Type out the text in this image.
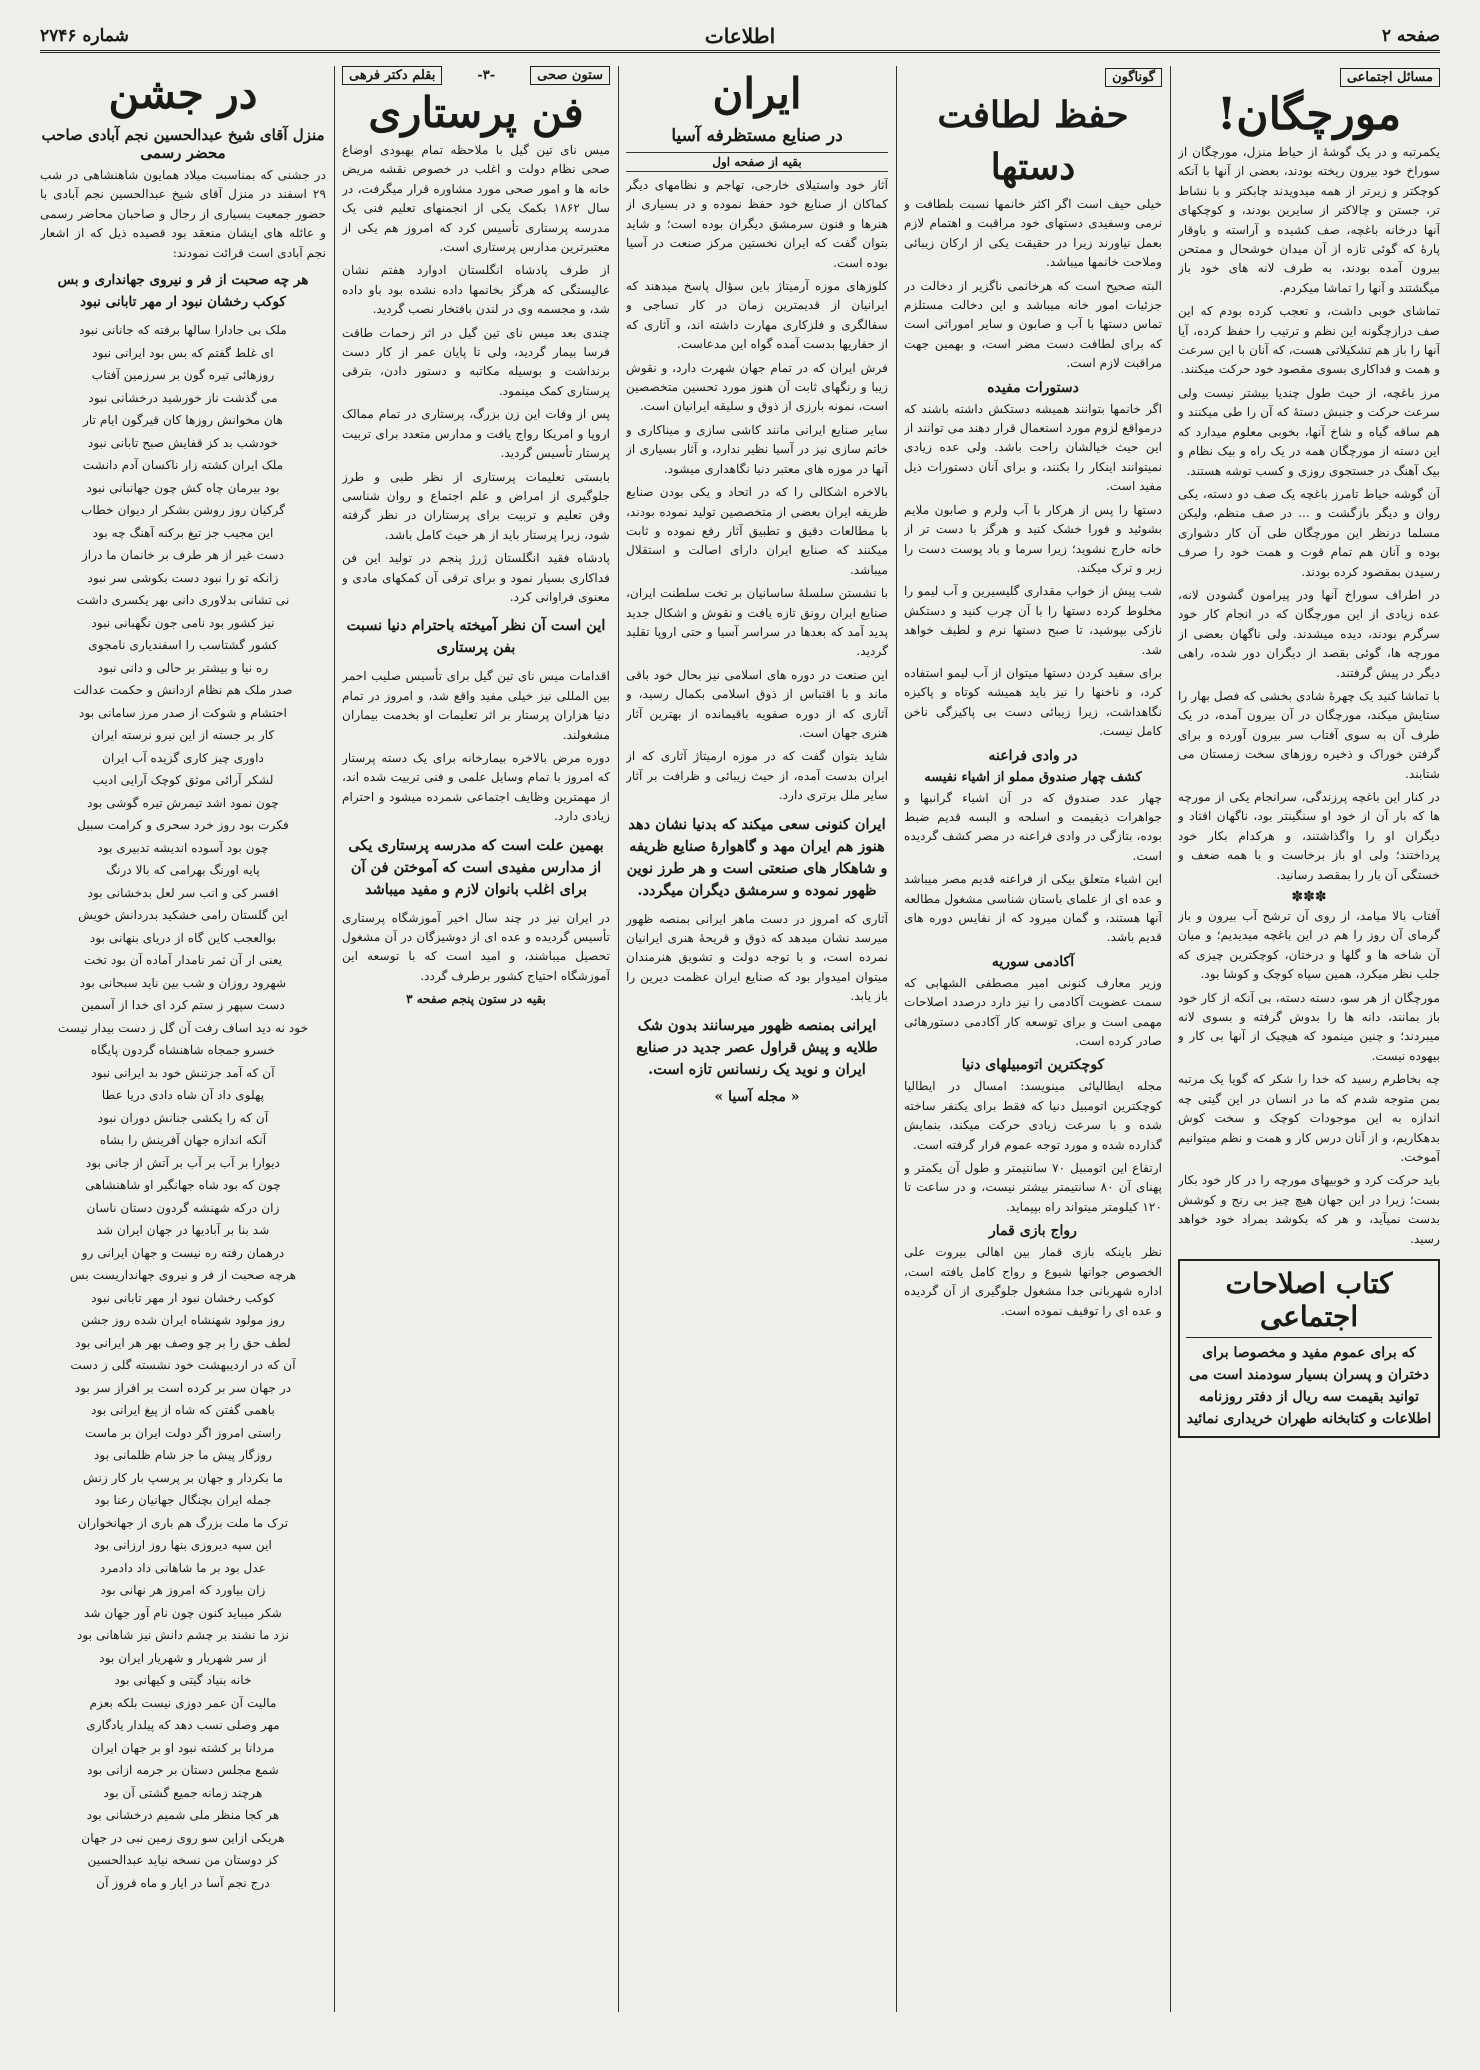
شماره ۲۷۴۶	اطلاعات	صفحه ۲
مسائل اجتماعی
مورچگان!

یکمرتبه و در یک گوشهٔ از حیاط منزل، مورچگان از سوراخ خود بیرون ریخته بودند، بعضی از آنها با آنکه کوچکتر و زیرتر از همه میدویدند چابکتر و با نشاط تر، جستن و چالاکتر از سایرین بودند، و کوچکهای آنها درخانه باغچه، صف کشیده و آراسته و باوقار پارهٔ که گوئی تازه از آن میدان خوشحال و ممتحن بیرون آمده بودند، به طرف لانه های خود باز میگشتند و آنها را تماشا میکردم.

تماشای خوبی داشت، و تعجب کرده بودم که این صف درازچگونه این نظم و ترتیب را حفظ کرده، آیا آنها را باز هم تشکیلاتی هست، که آنان با این سرعت و همت و فداکاری بسوی مقصود خود حرکت میکنند.

مرز باغچه، از حیث طول چندیا بیشتر نیست ولی سرعت حرکت و جنبش دستهٔ که آن را طی میکنند و هم ساقه گیاه و شاخ آنها، بخوبی معلوم میدارد که این دسته از مورچگان همه در یک راه و بیک نظام و بیک آهنگ در جستجوی روزی و کسب توشه هستند.

آن گوشه حیاط تامرز باغچه یک صف دو دسته، یکی روان و دیگر بازگشت و ... در صف منظم، ولیکن مسلما درنظر این مورچگان طی آن کار دشواری بوده و آنان هم تمام قوت و همت خود را صرف رسیدن بمقصود کرده بودند.

در اطراف سوراخ آنها ودر پیرامون گشودن لانه، عده زیادی از این مورچگان که در انجام کار خود سرگرم بودند، دیده میشدند. ولی ناگهان بعضی از مورچه ها، گوئی بقصد از دیگران دور شده، راهی دیگر در پیش گرفتند.

با تماشا کنید یک چهرهٔ شادی بخشی که فصل بهار را ستایش میکند، مورچگان در آن بیرون آمده، در یک طرف آن به سوی آفتاب سر بیرون آورده و برای گرفتن خوراک و ذخیره روزهای سخت زمستان می شتابند.

در کنار این باغچه پرزندگی، سرانجام یکی از مورچه ها که بار آن از خود او سنگینتر بود، ناگهان افتاد و دیگران او را واگذاشتند، و هرکدام بکار خود پرداختند؛ ولی او باز برخاست و با همه ضعف و خستگی آن بار را بمقصد رسانید.

✽✽✽

آفتاب بالا میامد، از روی آن ترشح آب بیرون و باز گرمای آن روز را هم در این باغچه میدیدیم؛ و میان آن شاخه ها و گلها و درختان، کوچکترین چیزی که جلب نظر میکرد، همین سپاه کوچک و کوشا بود.

مورچگان از هر سو، دسته دسته، بی آنکه از کار خود باز بمانند، دانه ها را بدوش گرفته و بسوی لانه میبردند؛ و چنین مینمود که هیچیک از آنها بی کار و بیهوده نیست.

چه بخاطرم رسید که خدا را شکر که گویا یک مرتبه بمن متوجه شدم که ما در انسان در این گیتی چه اندازه به این موجودات کوچک و سخت کوش بدهکاریم، و از آنان درس کار و همت و نظم میتوانیم آموخت.

باید حرکت کرد و خوبیهای مورچه را در کار خود بکار بست؛ زیرا در این جهان هیچ چیز بی رنج و کوشش بدست نمیآید، و هر که بکوشد بمراد خود خواهد رسید.

کتاب اصلاحات اجتماعی
که برای عموم مفید و مخصوصا برای دختران و پسران بسیار سودمند است می توانید بقیمت سه ریال از دفتر روزنامه اطلاعات و کتابخانه طهران خریداری نمائید
گوناگون
حفظ لطافت دستها

خیلی حیف است اگر اکثر خانمها نسبت بلطافت و نرمی وسفیدی دستهای خود مراقبت و اهتمام لازم بعمل نیاورند زیرا در حقیقت یکی از ارکان زیبائی وملاحت خانمها میباشد.

البته صحیح است که هرخانمی ناگزیر از دخالت در جزئیات امور خانه میباشد و این دخالت مستلزم تماس دستها با آب و صابون و سایر اموراتی است که برای لطافت دست مضر است، و بهمین جهت مراقبت لازم است.

دستورات مفیده

اگر خانمها بتوانند همیشه دستکش داشته باشند که درمواقع لزوم مورد استعمال قرار دهند می توانند از این حیث خیالشان راحت باشد. ولی عده زیادی نمیتوانند اینکار را بکنند، و برای آنان دستورات ذیل مفید است.

دستها را پس از هرکار با آب ولرم و صابون ملایم بشوئید و فورا خشک کنید و هرگز با دست تر از خانه خارج نشوید؛ زیرا سرما و باد پوست دست را زبر و ترک میکند.

شب پیش از خواب مقداری گلیسیرین و آب لیمو را مخلوط کرده دستها را با آن چرب کنید و دستکش نازکی بپوشید، تا صبح دستها نرم و لطیف خواهد شد.

برای سفید کردن دستها میتوان از آب لیمو استفاده کرد، و ناخنها را نیز باید همیشه کوتاه و پاکیزه نگاهداشت، زیرا زیبائی دست بی پاکیزگی ناخن کامل نیست.

در وادی فراعنه
کشف چهار صندوق مملو از اشیاء نفیسه

چهار عدد صندوق که در آن اشیاء گرانبها و جواهرات ذیقیمت و اسلحه و البسه قدیم ضبط بوده، بتازگی در وادی فراعنه در مصر کشف گردیده است.

این اشیاء متعلق بیکی از فراعنه قدیم مصر میباشد و عده ای از علمای باستان شناسی مشغول مطالعه آنها هستند، و گمان میرود که از نفایس دوره های قدیم باشد.

آکادمی سوریه

وزیر معارف کنونی امیر مصطفی الشهابی که سمت عضویت آکادمی را نیز دارد درصدد اصلاحات مهمی است و برای توسعه کار آکادمی دستورهائی صادر کرده است.

کوچکترین اتومبیلهای دنیا

مجله ایطالیائی مینویسد: امسال در ایطالیا کوچکترین اتومبیل دنیا که فقط برای یکنفر ساخته شده و با سرعت زیادی حرکت میکند، بنمایش گذارده شده و مورد توجه عموم قرار گرفته است.

ارتفاع این اتومبیل ۷۰ سانتیمتر و طول آن یکمتر و پهنای آن ۸۰ سانتیمتر بیشتر نیست، و در ساعت تا ۱۲۰ کیلومتر میتواند راه بپیماید.

رواج بازی قمار

نظر باینکه بازی قمار بین اهالی بیروت علی الخصوص جوانها شیوع و رواج کامل یافته است، اداره شهربانی جدا مشغول جلوگیری از آن گردیده و عده ای را توقیف نموده است.

ایران
در صنایع مستظرفه آسیا
بقیه از صفحه اول

آثار خود واستیلای خارجی، تهاجم و نظامهای دیگر کماکان از صنایع خود حفظ نموده و در بسیاری از هنرها و فنون سرمشق دیگران بوده است؛ و شاید بتوان گفت که ایران نخستین مرکز صنعت در آسیا بوده است.

کلوزهای موزه آرمیتاژ باین سؤال پاسخ میدهند که ایرانیان از قدیمترین زمان در کار نساجی و سفالگری و فلزکاری مهارت داشته اند، و آثاری که از حفاریها بدست آمده گواه این مدعاست.

فرش ایران که در تمام جهان شهرت دارد، و نقوش زیبا و رنگهای ثابت آن هنوز مورد تحسین متخصصین است، نمونه بارزی از ذوق و سلیقه ایرانیان است.

سایر صنایع ایرانی مانند کاشی سازی و میناکاری و خاتم سازی نیز در آسیا نظیر ندارد، و آثار بسیاری از آنها در موزه های معتبر دنیا نگاهداری میشود.

بالاخره اشکالی را که در اتحاد و یکی بودن صنایع ظریفه ایران بعضی از متخصصین تولید نموده بودند، با مطالعات دقیق و تطبیق آثار رفع نموده و ثابت میکنند که صنایع ایران دارای اصالت و استقلال میباشد.

با نشستن سلسلهٔ ساسانیان بر تخت سلطنت ایران، صنایع ایران رونق تازه یافت و نقوش و اشکال جدید پدید آمد که بعدها در سراسر آسیا و حتی اروپا تقلید گردید.

این صنعت در دوره های اسلامی نیز بحال خود باقی ماند و با اقتباس از ذوق اسلامی بکمال رسید، و آثاری که از دوره صفویه باقیمانده از بهترین آثار هنری جهان است.

شاید بتوان گفت که در موزه ارمیتاژ آثاری که از ایران بدست آمده، از حیث زیبائی و ظرافت بر آثار سایر ملل برتری دارد.

ایران کنونی سعی میکند که بدنیا نشان دهد هنوز هم ایران مهد و گاهوارهٔ صنایع ظریفه و شاهکار های صنعتی است و هر طرز نوین ظهور نموده و سرمشق دیگران میگردد.

آثاری که امروز در دست ماهر ایرانی بمنصه ظهور میرسد نشان میدهد که ذوق و قریحهٔ هنری ایرانیان نمرده است، و با توجه دولت و تشویق هنرمندان میتوان امیدوار بود که صنایع ایران عظمت دیرین را باز یابد.

ایرانی بمنصه ظهور میرسانند بدون شک طلایه و پیش قراول عصر جدید در صنایع ایران و نوید یک رنسانس تازه است.
« مجله آسیا »
ستون صحی
-۳-
بقلم دکتر فرهی
فن پرستاری

میس نای تین گیل با ملاحظه تمام بهبودی اوضاع صحی نظام دولت و اغلب در خصوص نقشه مریض خانه ها و امور صحی مورد مشاوره قرار میگرفت، در سال ۱۸۶۲ بکمک یکی از انجمنهای تعلیم فنی یک مدرسه پرستاری تأسیس کرد که امروز هم یکی از معتبرترین مدارس پرستاری است.

از طرف پادشاه انگلستان ادوارد هفتم نشان عالیستگی که هرگز بخانمها داده نشده بود باو داده شد، و مجسمه وی در لندن بافتخار نصب گردید.

چندی بعد میس نای تین گیل در اثر زحمات طاقت فرسا بیمار گردید، ولی تا پایان عمر از کار دست برنداشت و بوسیله مکاتبه و دستور دادن، بترقی پرستاری کمک مینمود.

پس از وفات این زن بزرگ، پرستاری در تمام ممالک اروپا و امریکا رواج یافت و مدارس متعدد برای تربیت پرستار تأسیس گردید.

بابستی تعلیمات پرستاری از نظر طبی و طرز جلوگیری از امراض و علم اجتماع و روان شناسی وفن تعلیم و تربیت برای پرستاران در نظر گرفته شود، زیرا پرستار باید از هر حیث کامل باشد.

پادشاه فقید انگلستان ژرژ پنجم در تولید این فن فداکاری بسیار نمود و برای ترقی آن کمکهای مادی و معنوی فراوانی کرد.

این است آن نظر آمیخته باحترام دنیا نسبت بفن پرستاری

اقدامات میس نای تین گیل برای تأسیس صلیب احمر بین المللی نیز خیلی مفید واقع شد، و امروز در تمام دنیا هزاران پرستار بر اثر تعلیمات او بخدمت بیماران مشغولند.

دوره مرض بالاخره بیمارخانه برای یک دسته پرستار که امروز با تمام وسایل علمی و فنی تربیت شده اند، از مهمترین وظایف اجتماعی شمرده میشود و احترام زیادی دارد.

بهمین علت است که مدرسه پرستاری یکی از مدارس مفیدی است که آموختن فن آن برای اغلب بانوان لازم و مفید میباشد

در ایران نیز در چند سال اخیر آموزشگاه پرستاری تأسیس گردیده و عده ای از دوشیزگان در آن مشغول تحصیل میباشند، و امید است که با توسعه این آموزشگاه احتیاج کشور برطرف گردد.

بقیه در ستون پنجم صفحه ۳
در جشن
منزل آقای شیخ عبدالحسین نجم آبادی صاحب محضر رسمی

در جشنی که بمناسبت میلاد همایون شاهنشاهی در شب ۲۹ اسفند در منزل آقای شیخ عبدالحسین نجم آبادی با حضور جمعیت بسیاری از رجال و صاحبان محاضر رسمی و عائله های ایشان منعقد بود قصیده ذیل که از اشعار نجم آبادی است قرائت نمودند:

هر چه صحبت از فر و نیروی جهانداری و بس کوکب رخشان نبود ار مهر تابانی نبود

ملک بی جادارا سالها برفته که جانانی نبود

ای غلط گفتم که بس بود ایرانی نبود

روزهائی تیره گون بر سرزمین آفتاب

می گذشت ناز خورشید درخشانی نبود

هان مخوانش روزها کان قیرگون ایام تار

خودشب بد کز قفایش صبح تابانی نبود

ملک ایران کشته زار ناکسان آدم دانشت

بود بیرمان چاه کش چون جهانبانی نبود

گرکیان روز روشن بشکر ار دیوان خطاب

این مجیب جز تیغ برکنه آهنگ چه بود

دست غیر از هر طرف بر خانمان ما دراز

زانکه تو را نبود دست بکوشی سر نبود

نی تشانی بدلاوری دانی بهر یکسری داشت

نیز کشور بود نامی جون نگهبانی نبود

کشور گشتاسب را اسفندیاری نامجوی

ره نیا و بیشتر بر حالی و دانی نبود

صدر ملک هم نظام ازدانش و حکمت عدالت

احتشام و شوکت از صدر مرز سامانی بود

کار بر جسته از این نیرو نرسته ایران

داوری چیز کاری گزیده آب ایران

لشکر آرائی موثق کوچک آرایی ادیب

چون نمود اشد تیمرش تیره گوشی بود

فکرت بود روز خرد سحری و کرامت سبیل

چون بود آسوده اندیشه تدبیری بود

پایه اورنگ بهرامی که بالا درنگ

افسر کی و انب سر لعل بدخشانی بود

این گلستان رامی خشکید بدردانش خویش

بوالعجب کاین گاه از دریای بنهانی بود

یعنی ار آن ثمر نامدار آماده آن بود تخت

شهرود روزان و شب بین ناید سبحانی بود

دست سپهر ز ستم کرد ای خدا از آسمین

خود نه دید اساف رفت آن گل ز دست بیدار نیست

خسرو جمجاه شاهنشاه گردون پایگاه

آن که آمد جزتنش خود بد ایرانی نبود

پهلوی داد آن شاه دادی دریا عطا

آن که را یکشی جنانش دوران نبود

آنکه اندازه جهان آفرینش را بشاه

دیوارا بر آب بر آب بر آتش از جانی بود

چون که بود شاه جهانگیر او شاهنشاهی

زان درکه شهنشه گردون دستان ناسان

شد بنا بر آبادیها در جهان ایران شد

درهمان رفته ره نیست و جهان ایرانی رو

هرچه صحبت از فر و نیروی جهانداریست بس

کوکب رخشان نبود ار مهر تابانی نبود

روز مولود شهنشاه ایران شده روز جشن

لطف حق را بر چو وصف بهر هر ایرانی بود

آن که در اردیبهشت خود نشسته گلی ز دست

در جهان سر بر کرده است بر افراز سر بود

باهمی گفتن که شاه از پیغ ایرانی بود

راستی امروز اگر دولت ایران بر ماست

روزگار پیش ما جز شام ظلمانی بود

ما بکردار و جهان بر پرسپ بار کار زنش

جمله ایران بچنگال جهانیان رعنا بود

ترک ما ملت بزرگ هم باری از جهانخواران

این سپه دیروزی بنها روز ارزانی بود

عدل بود بر ما شاهانی داد دادمرد

زان بیاورد که امروز هر نهانی بود

شکر میباید کنون چون نام آور جهان شد

نزد ما نشند بر چشم دانش نیز شاهانی بود

از سر شهریار و شهریار ایران بود

خانه بنیاد گیتی و کیهانی بود

مالیت آن عمر دوزی نیست بلکه بعزم

مهر وصلی نسب دهد که پیلدار یادگاری

مردانا بر کشته نبود او بر جهان ایران

شمع مجلس دستان بر جرمه ازانی بود

هرچند زمانه جمیع گشتی آن بود

هر کجا منظر ملی شمیم درخشانی بود

هریکی ازاین سو روی زمین نبی در جهان

کز دوستان من نسخه نیاید عبدالحسین

درج نجم آسا در ایار و ماه فروز آن
